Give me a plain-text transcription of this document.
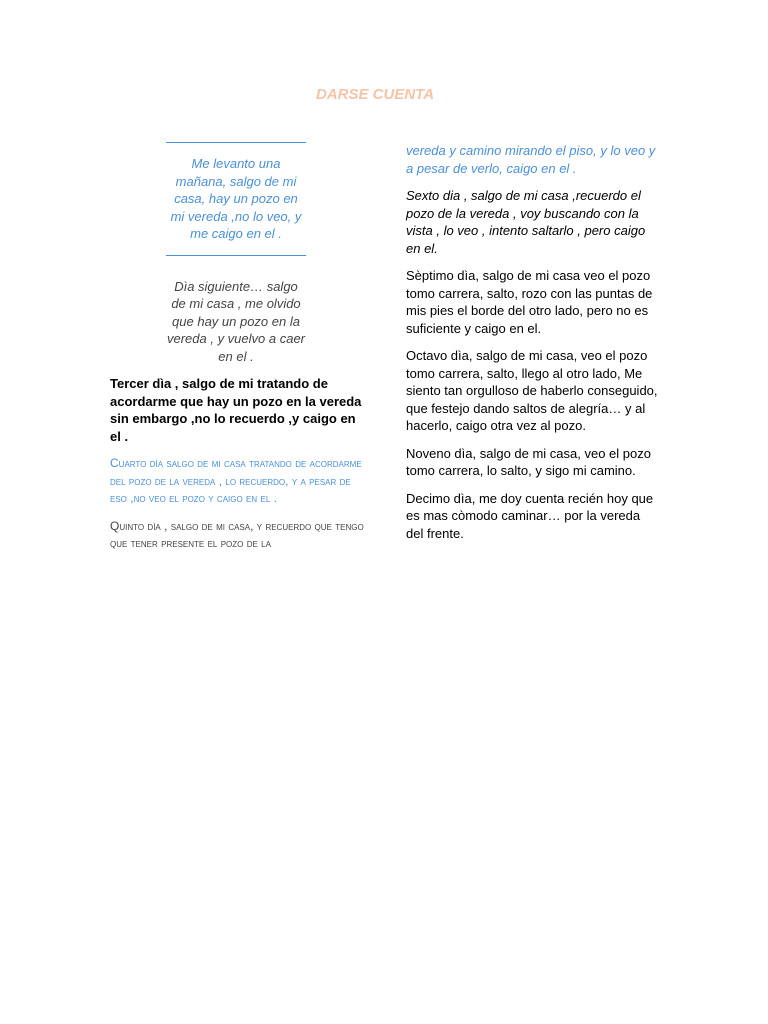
DARSE CUENTA
Me levanto una mañana, salgo de mi casa, hay un pozo en mi vereda ,no lo veo, y me caigo en el .
Dìa siguiente… salgo de mi casa , me olvido que hay un pozo en la vereda , y vuelvo a caer en el .

Tercer dìa , salgo de mi tratando de acordarme que hay un pozo en la vereda sin embargo ,no lo recuerdo ,y caigo en el .

Cuarto dìa salgo de mi casa tratando de acordarme del pozo de la vereda , lo recuerdo, y a pesar de eso ,no veo el pozo y caigo en el .

Quinto dìa , salgo de mi casa, y recuerdo que tengo que tener presente el pozo de la

vereda y camino mirando el piso, y lo veo y a pesar de verlo, caigo en el .

Sexto dia , salgo de mi casa ,recuerdo el pozo de la vereda , voy buscando con la vista , lo veo , intento saltarlo , pero caigo en el.

Sèptimo dìa, salgo de mi casa veo el pozo tomo carrera, salto, rozo con las puntas de mis pies el borde del otro lado, pero no es suficiente y caigo en el.

Octavo dìa, salgo de mi casa, veo el pozo tomo carrera, salto, llego al otro lado, Me siento tan orgulloso de haberlo conseguido, que festejo dando saltos de alegría… y al hacerlo, caigo otra vez al pozo.

Noveno dìa, salgo de mi casa, veo el pozo tomo carrera, lo salto, y sigo mi camino.

Decimo dìa, me doy cuenta recién hoy que es mas còmodo caminar… por la vereda del frente.
